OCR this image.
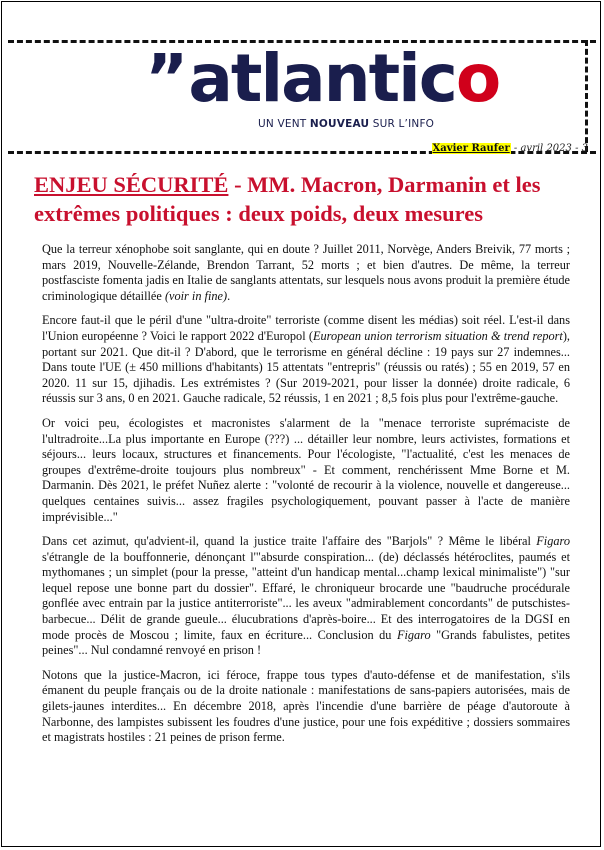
”atlantico
UN VENT NOUVEAU SUR L’INFO
Xavier Raufer - avril 2023 - 3
ENJEU SÉCURITÉ - MM. Macron, Darmanin et les extrêmes politiques : deux poids, deux mesures

Que la terreur xénophobe soit sanglante, qui en doute ? Juillet 2011, Norvège, Anders Breivik, 77 morts ; mars 2019, Nouvelle-Zélande, Brendon Tarrant, 52 morts ; et bien d'autres. De même, la terreur postfasciste fomenta jadis en Italie de sanglants attentats, sur lesquels nous avons produit la première étude criminologique détaillée (voir in fine).

Encore faut-il que le péril d'une "ultra-droite" terroriste (comme disent les médias) soit réel. L'est-il dans l'Union européenne ? Voici le rapport 2022 d'Europol (European union terrorism situation & trend report), portant sur 2021. Que dit-il ? D'abord, que le terrorisme en général décline : 19 pays sur 27 indemnes... Dans toute l'UE (± 450 millions d'habitants) 15 attentats "entrepris" (réussis ou ratés) ; 55 en 2019, 57 en 2020. 11 sur 15, djihadis. Les extrémistes ? (Sur 2019-2021, pour lisser la donnée) droite radicale, 6 réussis sur 3 ans, 0 en 2021. Gauche radicale, 52 réussis, 1 en 2021 ; 8,5 fois plus pour l'extrême-gauche.

Or voici peu, écologistes et macronistes s'alarment de la "menace terroriste suprémaciste de l'ultradroite...La plus importante en Europe (???) ... détailler leur nombre, leurs activistes, formations et séjours... leurs locaux, structures et financements. Pour l'écologiste, "l'actualité, c'est les menaces de groupes d'extrême-droite toujours plus nombreux" - Et comment, renchérissent Mme Borne et M. Darmanin. Dès 2021, le préfet Nuñez alerte : "volonté de recourir à la violence, nouvelle et dangereuse... quelques centaines suivis... assez fragiles psychologiquement, pouvant passer à l'acte de manière imprévisible..."

Dans cet azimut, qu'advient-il, quand la justice traite l'affaire des "Barjols" ? Même le libéral Figaro s'étrangle de la bouffonnerie, dénonçant l'"absurde conspiration... (de) déclassés hétéroclites, paumés et mythomanes ; un simplet (pour la presse, "atteint d'un handicap mental...champ lexical minimaliste") "sur lequel repose une bonne part du dossier". Effaré, le chroniqueur brocarde une "baudruche procédurale gonflée avec entrain par la justice antiterroriste"... les aveux "admirablement concordants" de putschistes-barbecue... Délit de grande gueule... élucubrations d'après-boire... Et des interrogatoires de la DGSI en mode procès de Moscou ; limite, faux en écriture... Conclusion du Figaro "Grands fabulistes, petites peines"... Nul condamné renvoyé en prison !

Notons que la justice-Macron, ici féroce, frappe tous types d'auto-défense et de manifestation, s'ils émanent du peuple français ou de la droite nationale : manifestations de sans-papiers autorisées, mais de gilets-jaunes interdites... En décembre 2018, après l'incendie d'une barrière de péage d'autoroute à Narbonne, des lampistes subissent les foudres d'une justice, pour une fois expéditive ; dossiers sommaires et magistrats hostiles : 21 peines de prison ferme.
